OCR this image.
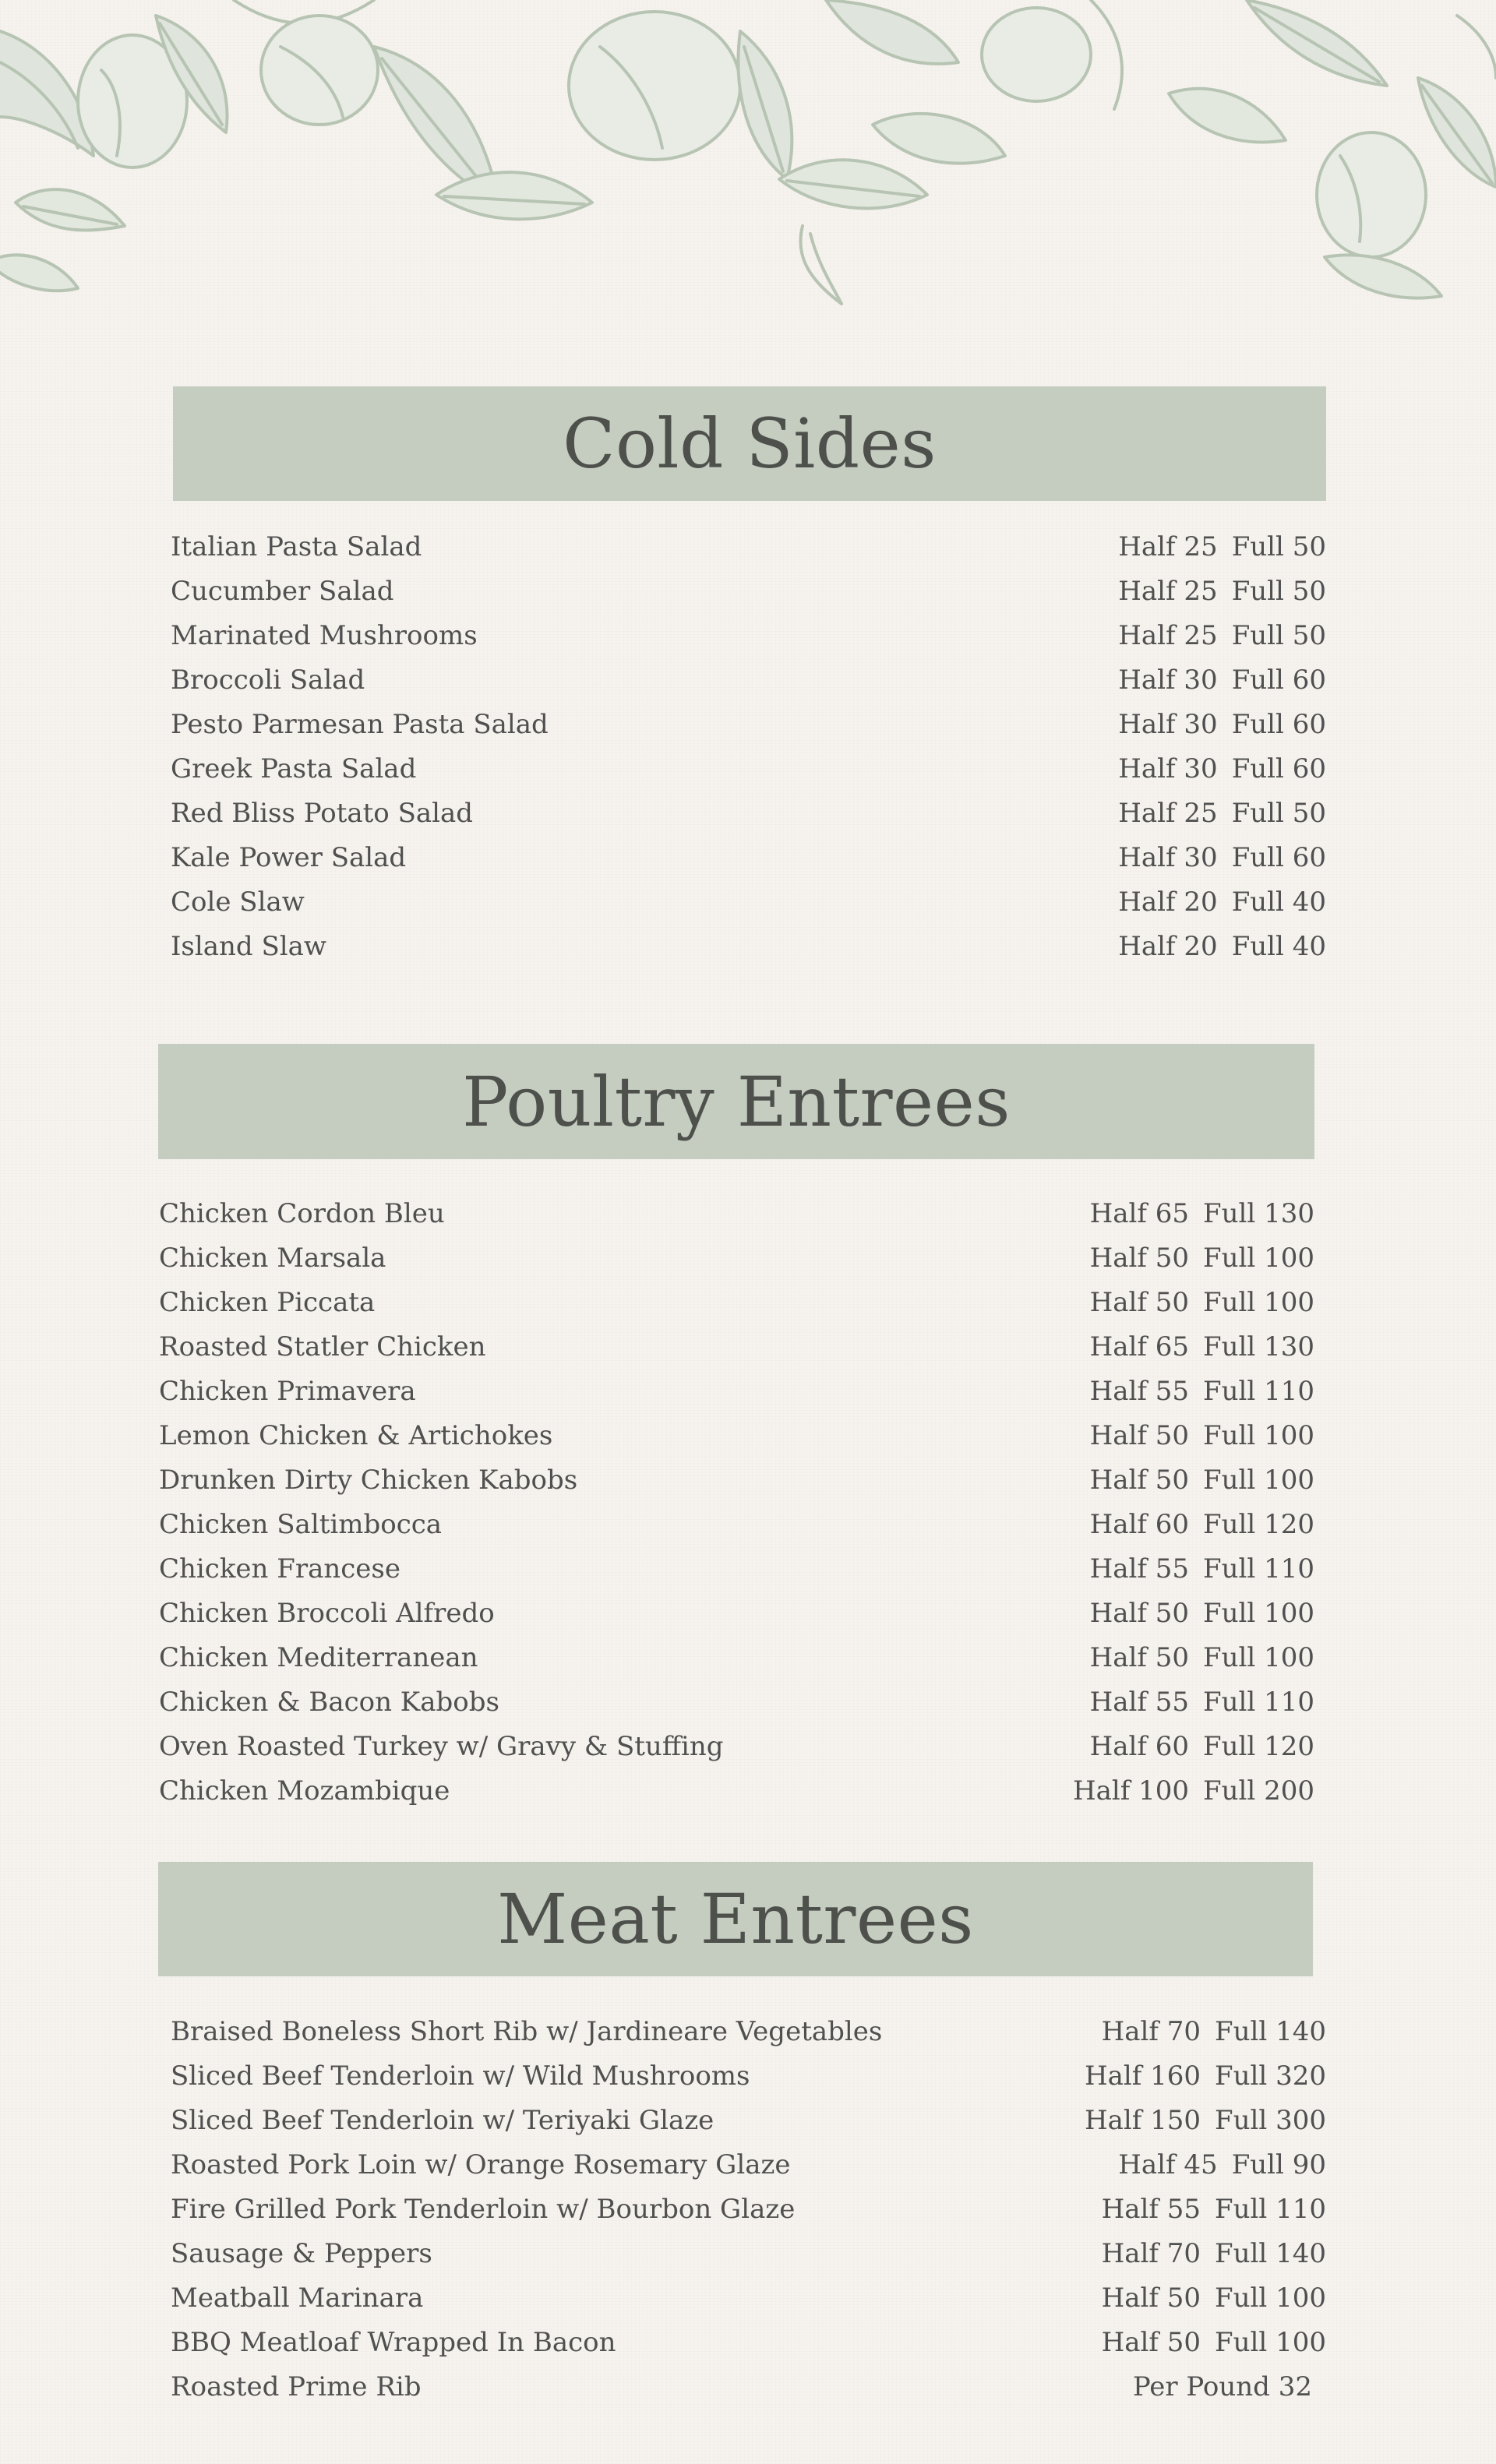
Cold Sides
Italian Pasta Salad	Half 25 Full 50
Cucumber Salad	Half 25 Full 50
Marinated Mushrooms	Half 25 Full 50
Broccoli Salad	Half 30 Full 60
Pesto Parmesan Pasta Salad	Half 30 Full 60
Greek Pasta Salad	Half 30 Full 60
Red Bliss Potato Salad	Half 25 Full 50
Kale Power Salad	Half 30 Full 60
Cole Slaw	Half 20 Full 40
Island Slaw	Half 20 Full 40
Poultry Entrees
Chicken Cordon Bleu	Half 65 Full 130
Chicken Marsala	Half 50 Full 100
Chicken Piccata	Half 50 Full 100
Roasted Statler Chicken	Half 65 Full 130
Chicken Primavera	Half 55 Full 110
Lemon Chicken & Artichokes	Half 50 Full 100
Drunken Dirty Chicken Kabobs	Half 50 Full 100
Chicken Saltimbocca	Half 60 Full 120
Chicken Francese	Half 55 Full 110
Chicken Broccoli Alfredo	Half 50 Full 100
Chicken Mediterranean	Half 50 Full 100
Chicken & Bacon Kabobs	Half 55 Full 110
Oven Roasted Turkey w/ Gravy & Stuffing	Half 60 Full 120
Chicken Mozambique	Half 100 Full 200
Meat Entrees
Braised Boneless Short Rib w/ Jardineare Vegetables	Half 70 Full 140
Sliced Beef Tenderloin w/ Wild Mushrooms	Half 160 Full 320
Sliced Beef Tenderloin w/ Teriyaki Glaze	Half 150 Full 300
Roasted Pork Loin w/ Orange Rosemary Glaze	Half 45 Full 90
Fire Grilled Pork Tenderloin w/ Bourbon Glaze	Half 55 Full 110
Sausage & Peppers	Half 70 Full 140
Meatball Marinara	Half 50 Full 100
BBQ Meatloaf Wrapped In Bacon	Half 50 Full 100
Roasted Prime Rib	Per Pound 32
